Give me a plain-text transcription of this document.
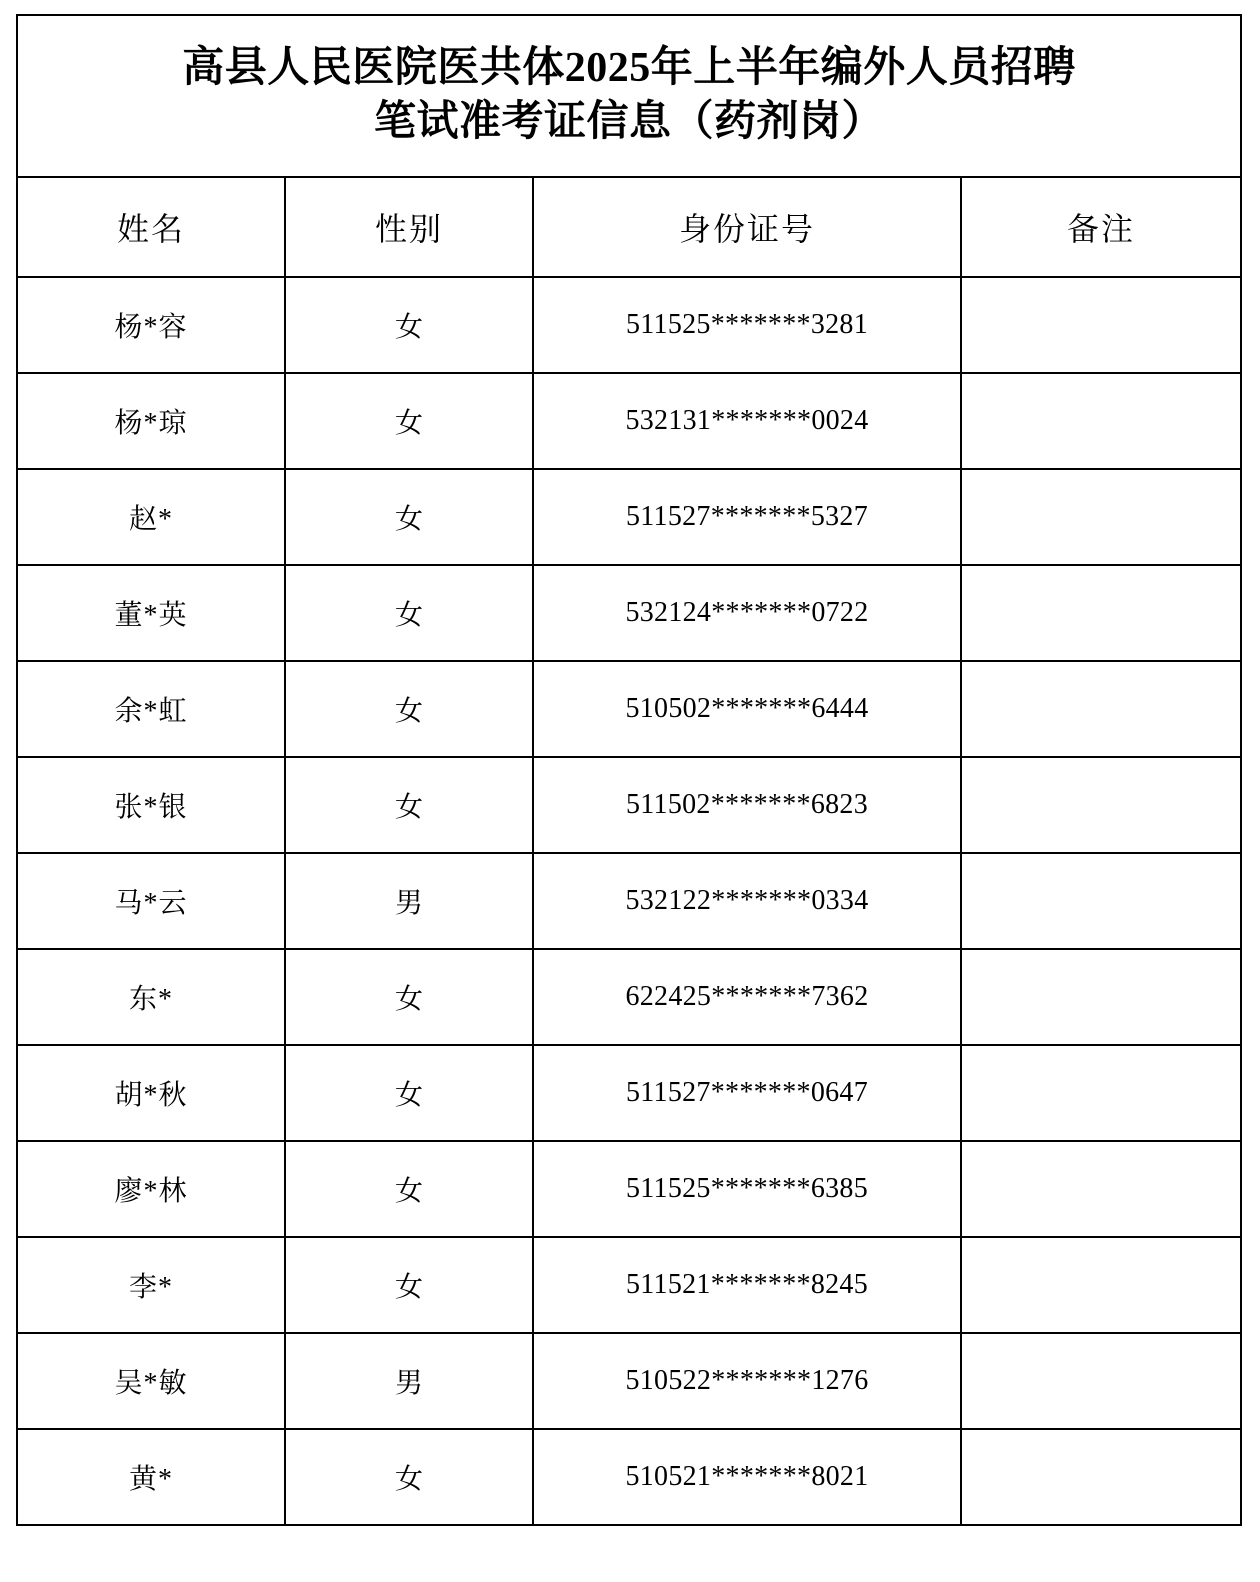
高县人民医院医共体2025年上半年编外人员招聘
笔试准考证信息（药剂岗）			

姓名	性别	身份证号	备注
杨*容	女	511525*******3281	
杨*琼	女	532131*******0024	
赵*	女	511527*******5327	
董*英	女	532124*******0722	
余*虹	女	510502*******6444	
张*银	女	511502*******6823	
马*云	男	532122*******0334	
东*	女	622425*******7362	
胡*秋	女	511527*******0647	
廖*林	女	511525*******6385	
李*	女	511521*******8245	
吴*敏	男	510522*******1276	
黄*	女	510521*******8021	
